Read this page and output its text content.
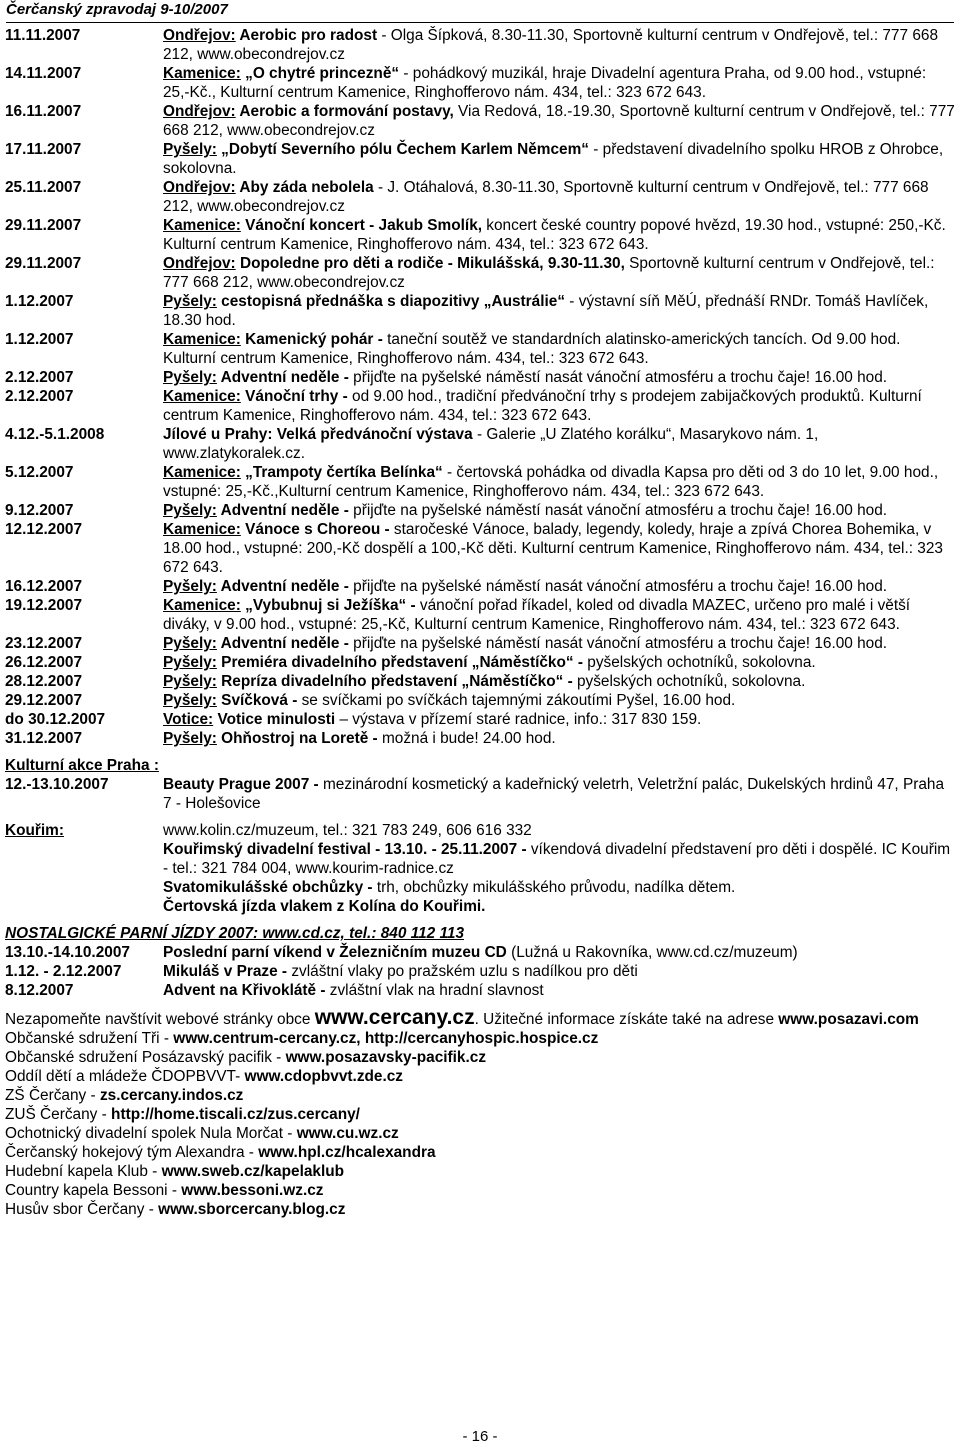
Čerčanský zpravodaj 9-10/2007
11.11.2007	Ondřejov: Aerobic pro radost - Olga Šípková, 8.30-11.30, Sportovně kulturní centrum v Ondřejově, tel.: 777 668 212, www.obecondrejov.cz
14.11.2007	Kamenice: „O chytré princezně“ - pohádkový muzikál, hraje Divadelní agentura Praha, od 9.00 hod., vstupné: 25,-Kč., Kulturní centrum Kamenice, Ringhofferovo nám. 434, tel.: 323 672 643.
16.11.2007	Ondřejov: Aerobic a formování postavy, Via Redová, 18.-19.30, Sportovně kulturní centrum v Ondřejově, tel.: 777 668 212, www.obecondrejov.cz
17.11.2007	Pyšely: „Dobytí Severního pólu Čechem Karlem Němcem“ - představení divadelního spolku HROB z Ohrobce, sokolovna.
25.11.2007	Ondřejov: Aby záda nebolela - J. Otáhalová, 8.30-11.30, Sportovně kulturní centrum v Ondřejově, tel.: 777 668 212, www.obecondrejov.cz
29.11.2007	Kamenice: Vánoční koncert - Jakub Smolík, koncert české country popové hvězd, 19.30 hod., vstupné: 250,-Kč. Kulturní centrum Kamenice, Ringhofferovo nám. 434, tel.: 323 672 643.
29.11.2007	Ondřejov: Dopoledne pro děti a rodiče - Mikulášská, 9.30-11.30, Sportovně kulturní centrum v Ondřejově, tel.: 777 668 212, www.obecondrejov.cz
1.12.2007	Pyšely: cestopisná přednáška s diapozitivy „Austrálie“ - výstavní síň MěÚ, přednáší RNDr. Tomáš Havlíček, 18.30 hod.
1.12.2007	Kamenice: Kamenický pohár - taneční soutěž ve standardních alatinsko-amerických tancích. Od 9.00 hod. Kulturní centrum Kamenice, Ringhofferovo nám. 434, tel.: 323 672 643.
2.12.2007	Pyšely: Adventní neděle - přijďte na pyšelské náměstí nasát vánoční atmosféru a trochu čaje! 16.00 hod.
2.12.2007	Kamenice: Vánoční trhy - od 9.00 hod., tradiční předvánoční trhy s prodejem zabijačkových produktů. Kulturní centrum Kamenice, Ringhofferovo nám. 434, tel.: 323 672 643.
4.12.-5.1.2008	Jílové u Prahy: Velká předvánoční výstava - Galerie „U Zlatého korálku“, Masarykovo nám. 1, www.zlatykoralek.cz.
5.12.2007	Kamenice: „Trampoty čertíka Belínka“ - čertovská pohádka od divadla Kapsa pro děti od 3 do 10 let, 9.00 hod., vstupné: 25,-Kč.,Kulturní centrum Kamenice, Ringhofferovo nám. 434, tel.: 323 672 643.
9.12.2007	Pyšely: Adventní neděle - přijďte na pyšelské náměstí nasát vánoční atmosféru a trochu čaje! 16.00 hod.
12.12.2007	Kamenice: Vánoce s Choreou - staročeské Vánoce, balady, legendy, koledy, hraje a zpívá Chorea Bohemika, v 18.00 hod., vstupné: 200,-Kč dospělí a 100,-Kč děti. Kulturní centrum Kamenice, Ringhofferovo nám. 434, tel.: 323 672 643.
16.12.2007	Pyšely: Adventní neděle - přijďte na pyšelské náměstí nasát vánoční atmosféru a trochu čaje! 16.00 hod.
19.12.2007	Kamenice: „Vybubnuj si Ježíška“ - vánoční pořad říkadel, koled od divadla MAZEC, určeno pro malé i větší diváky, v 9.00 hod., vstupné: 25,-Kč, Kulturní centrum Kamenice, Ringhofferovo nám. 434, tel.: 323 672 643.
23.12.2007	Pyšely: Adventní neděle - přijďte na pyšelské náměstí nasát vánoční atmosféru a trochu čaje! 16.00 hod.
26.12.2007	Pyšely: Premiéra divadelního představení „Náměstíčko“ - pyšelských ochotníků, sokolovna.
28.12.2007	Pyšely: Repríza divadelního představení „Náměstíčko“ - pyšelských ochotníků, sokolovna.
29.12.2007	Pyšely: Svíčková - se svíčkami po svíčkách tajemnými zákoutími Pyšel, 16.00 hod.
do 30.12.2007	Votice: Votice minulosti – výstava v přízemí staré radnice, info.: 317 830 159.
31.12.2007	Pyšely: Ohňostroj na Loretě - možná i bude! 24.00 hod.
Kulturní akce Praha :
12.-13.10.2007	Beauty Prague 2007 - mezinárodní kosmetický a kadeřnický veletrh, Veletržní palác, Dukelských hrdinů 47, Praha 7 - Holešovice
Kouřim:	www.kolin.cz/muzeum, tel.: 321 783 249, 606 616 332
Kouřimský divadelní festival - 13.10. - 25.11.2007 - víkendová divadelní představení pro děti i dospělé. IC Kouřim - tel.: 321 784 004, www.kourim-radnice.cz
Svatomikulášské obchůzky - trh, obchůzky mikulášského průvodu, nadílka dětem.
Čertovská jízda vlakem z Kolína do Kouřimi.
NOSTALGICKÉ PARNÍ JÍZDY 2007: www.cd.cz, tel.: 840 112 113
13.10.-14.10.2007	Poslední parní víkend v Železničním muzeu CD (Lužná u Rakovníka, www.cd.cz/muzeum)
1.12. - 2.12.2007	Mikuláš v Praze - zvláštní vlaky po pražském uzlu s nadílkou pro děti
8.12.2007	Advent na Křivoklátě - zvláštní vlak na hradní slavnost
Nezapomeňte navštívit webové stránky obce www.cercany.cz. Užitečné informace získáte také na adrese www.posazavi.com
Občanské sdružení Tři - www.centrum-cercany.cz, http://cercanyhospic.hospice.cz
Občanské sdružení Posázavský pacifik - www.posazavsky-pacifik.cz
Oddíl dětí a mládeže ČDOPBVVT- www.cdopbvvt.zde.cz
ZŠ Čerčany - zs.cercany.indos.cz
ZUŠ Čerčany - http://home.tiscali.cz/zus.cercany/
Ochotnický divadelní spolek Nula Morčat - www.cu.wz.cz
Čerčanský hokejový tým Alexandra - www.hpl.cz/hcalexandra
Hudební kapela Klub - www.sweb.cz/kapelaklub
Country kapela Bessoni - www.bessoni.wz.cz
Husův sbor Čerčany - www.sborcercany.blog.cz
- 16 -
